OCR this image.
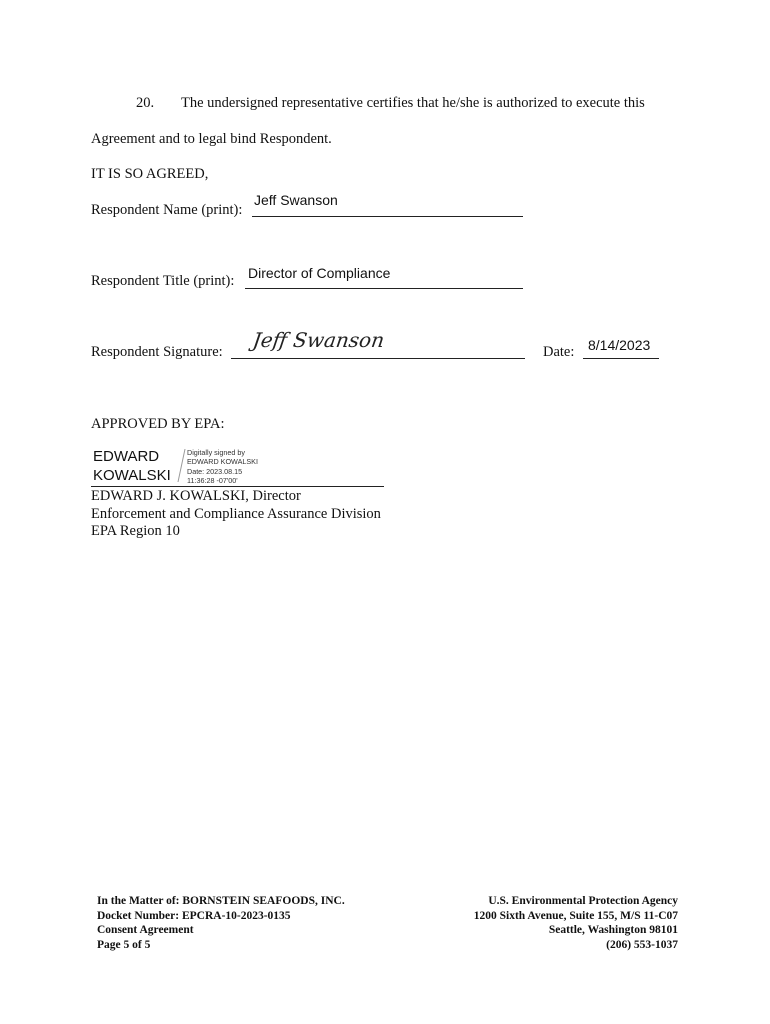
20. The undersigned representative certifies that he/she is authorized to execute this
Agreement and to legal bind Respondent.
IT IS SO AGREED,
Respondent Name (print):
Jeff Swanson
Respondent Title (print): Director of Compliance
Respondent Signature: Jeff Swanson	Date: 8/14/2023
APPROVED BY EPA:
EDWARD
KOWALSKI
Digitally signed by
EDWARD KOWALSKI
Date: 2023.08.15
11:36:28 -07'00'
EDWARD J. KOWALSKI, Director
Enforcement and Compliance Assurance Division
EPA Region 10
In the Matter of: BORNSTEIN SEAFOODS, INC.
Docket Number: EPCRA-10-2023-0135
Consent Agreement
Page 5 of 5
U.S. Environmental Protection Agency
1200 Sixth Avenue, Suite 155, M/S 11-C07
Seattle, Washington 98101
(206) 553-1037
